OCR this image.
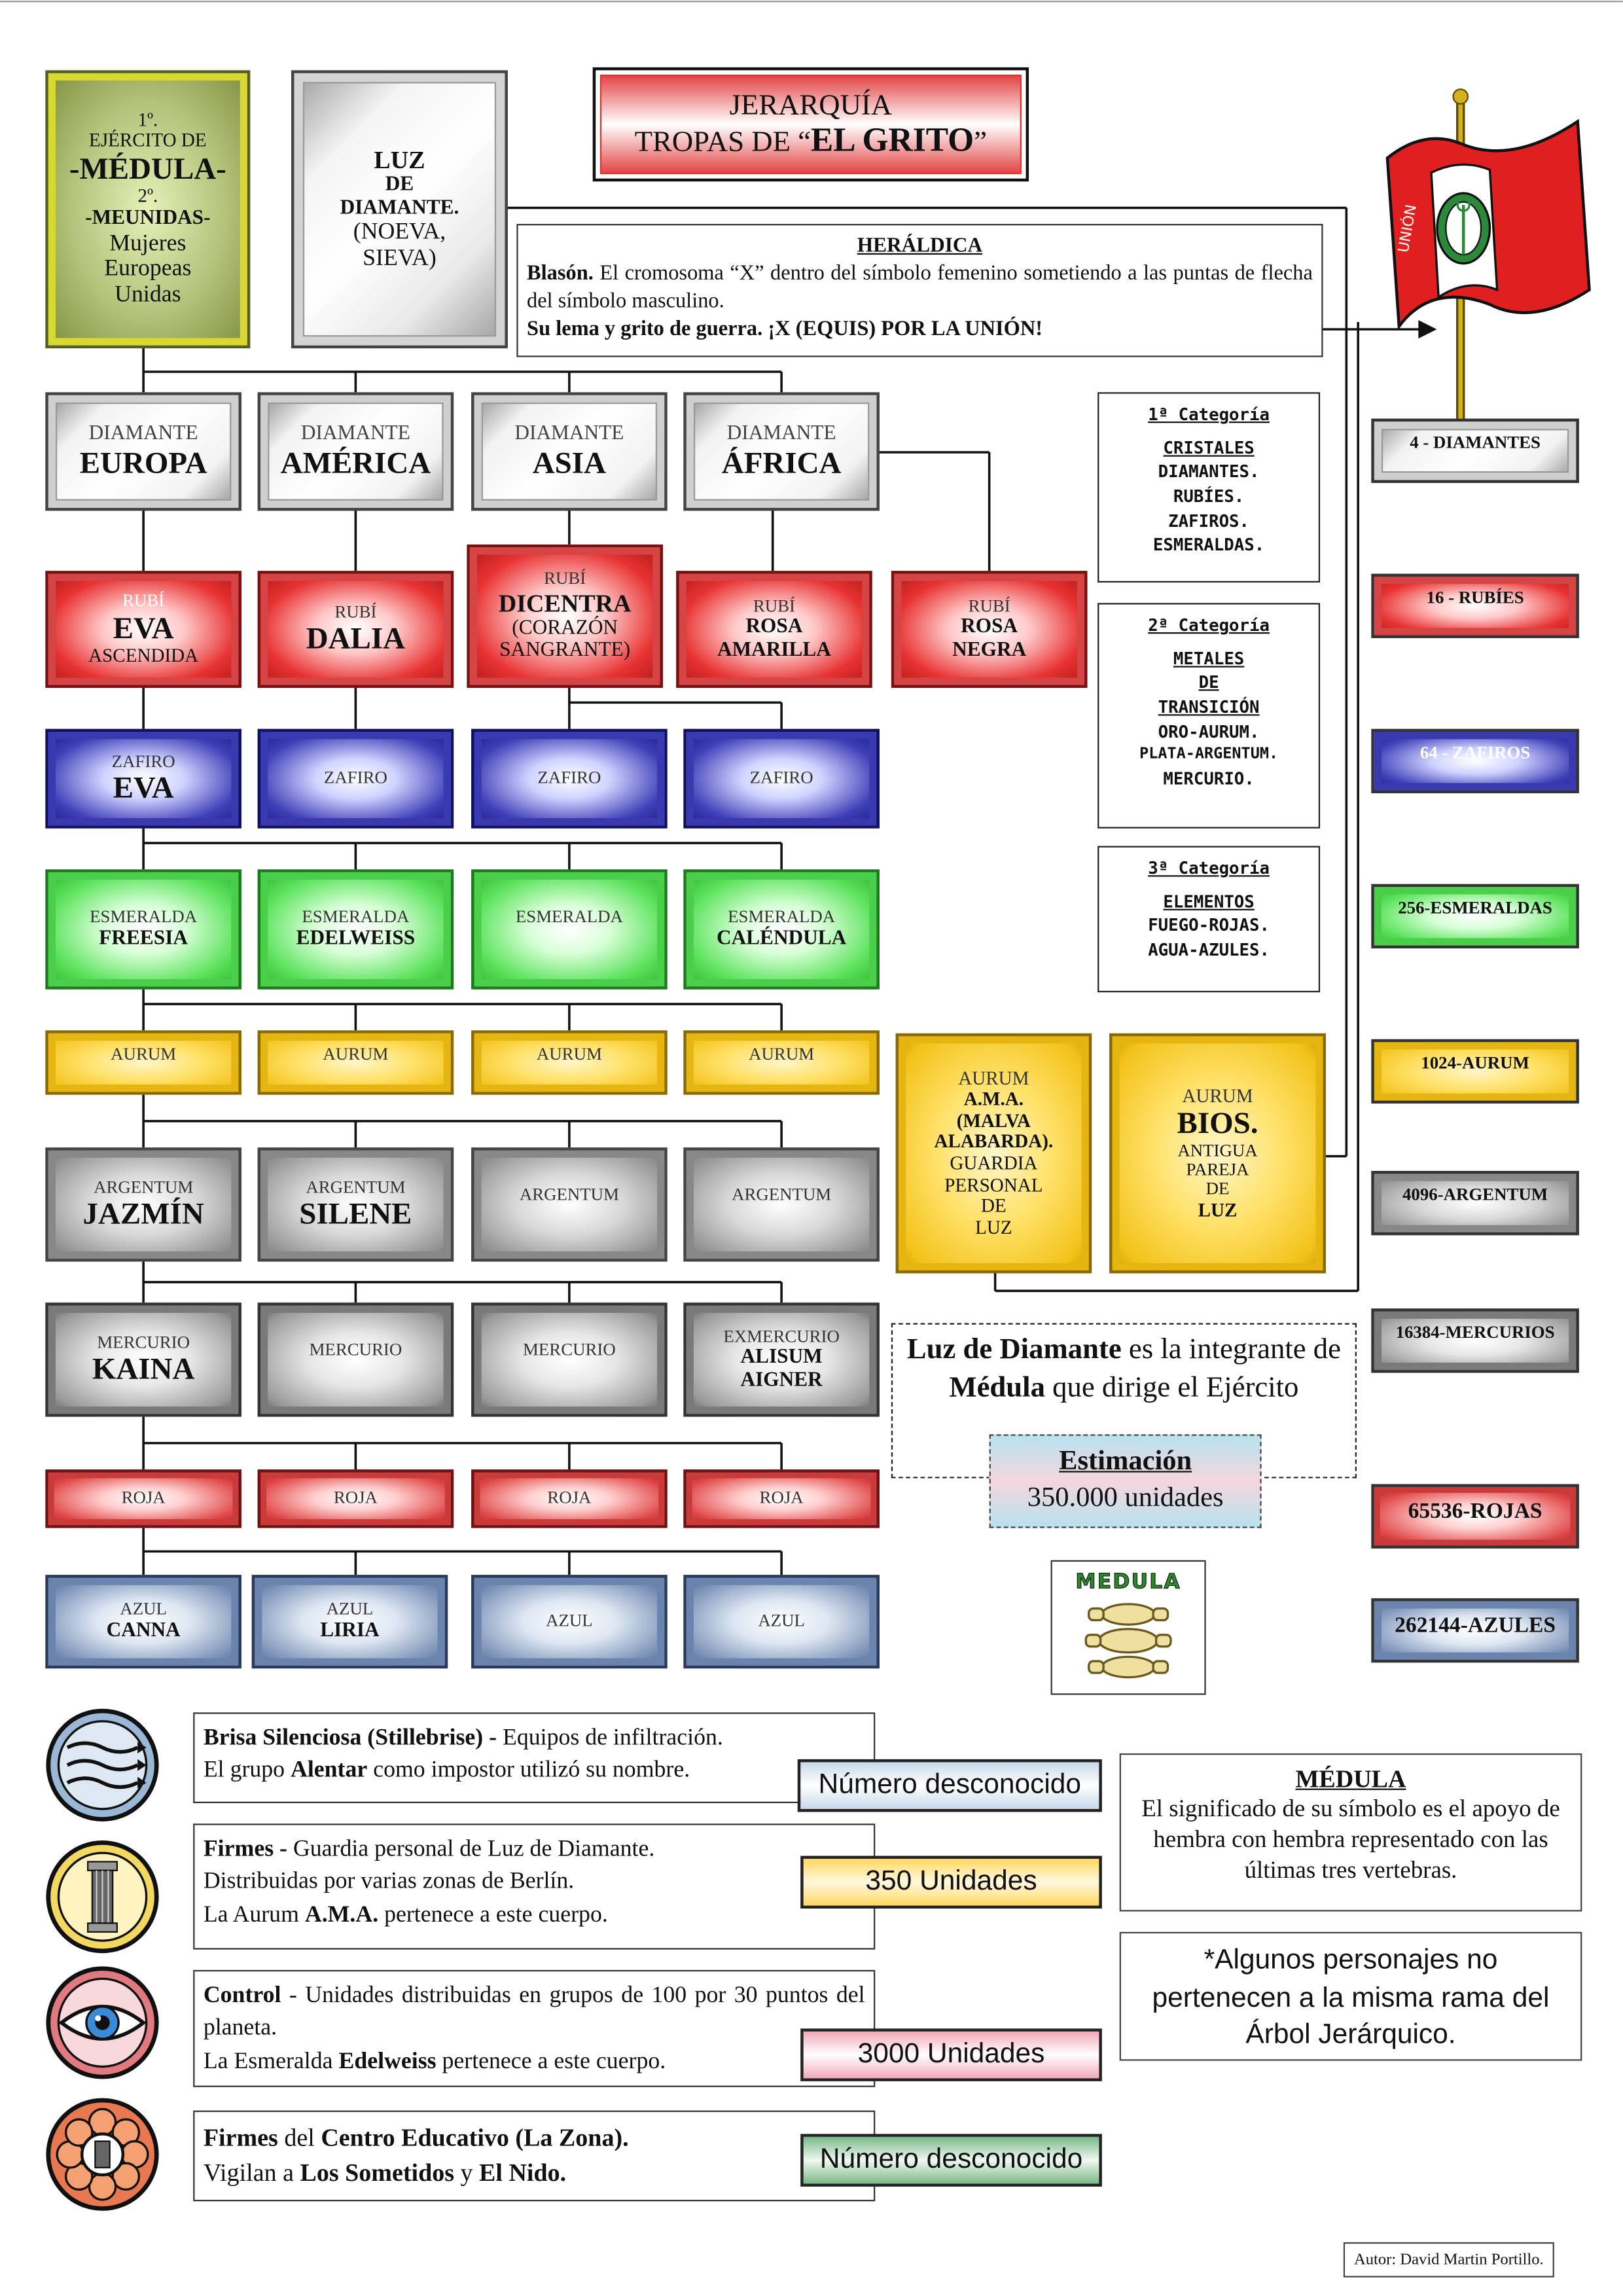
JERARQUÍA
TROPAS DE “EL GRITO”
1º.
EJÉRCITO DE
-MÉDULA-
2º.
-MEUNIDAS-
Mujeres
Europeas
Unidas
LUZ
DE
DIAMANTE.
(NOEVA,
SIEVA)	HERÁLDICA
Blasón. El cromosoma “X” dentro del símbolo femenino sometiendo a las puntas de flecha del símbolo masculino.
Su lema y grito de guerra. ¡X (EQUIS) POR LA UNIÓN!
UNIÓN
DIAMANTE
EUROPA
DIAMANTE
AMÉRICA
DIAMANTE
ASIA
DIAMANTE
ÁFRICA
RUBÍ
EVA
ASCENDIDA
RUBÍ
DALIA
RUBÍ
DICENTRA
(CORAZÓN
SANGRANTE)
RUBÍ
ROSA
AMARILLA
RUBÍ
ROSA
NEGRA
ZAFIRO
EVA	ZAFIRO	ZAFIRO	ZAFIRO
ESMERALDA
FREESIA
ESMERALDA
EDELWEISS
ESMERALDA	ESMERALDA
CALÉNDULA
AURUM	AURUM	AURUM	AURUM
AURUM
A.M.A.
(MALVA
ALABARDA).
GUARDIA
PERSONAL
DE
LUZ
AURUM
BIOS.
ANTIGUA
PAREJA
DE
LUZ
ARGENTUM
JAZMÍN
ARGENTUM
SILENE
ARGENTUM	ARGENTUM
MERCURIO
KAINA
MERCURIO	MERCURIO
EXMERCURIO
ALISUM
AIGNER
ROJA	ROJA	ROJA	ROJA
AZUL
CANNA
AZUL
LIRIA	AZUL	AZUL
1ª Categoría
CRISTALES
DIAMANTES.
RUBÍES.
ZAFIROS.
ESMERALDAS.
2ª Categoría
METALES
DE
TRANSICIÓN
ORO-AURUM.
PLATA-ARGENTUM.
MERCURIO.
3ª Categoría
ELEMENTOS
FUEGO-ROJAS.
AGUA-AZULES.
4 - DIAMANTES
16 - RUBÍES
64 - ZAFIROS
256-ESMERALDAS
1024-AURUM
4096-ARGENTUM
16384-MERCURIOS
65536-ROJAS
262144-AZULES
Luz de Diamante es la integrante de Médula que dirige el Ejército
Estimación
350.000 unidades
MEDULA
Brisa Silenciosa (Stillebrise) - Equipos de infiltración.
El grupo Alentar como impostor utilizó su nombre.	Número desconocido
Firmes - Guardia personal de Luz de Diamante.
Distribuidas por varias zonas de Berlín.
La Aurum A.M.A. pertenece a este cuerpo.
350 Unidades
Control - Unidades distribuidas en grupos de 100 por 30 puntos del planeta.
La Esmeralda Edelweiss pertenece a este cuerpo.	3000 Unidades
Firmes del Centro Educativo (La Zona).
Vigilan a Los Sometidos y El Nido.	Número desconocido
MÉDULA
El significado de su símbolo es el apoyo de hembra con hembra representado con las últimas tres vertebras.
*Algunos personajes no pertenecen a la misma rama del Árbol Jerárquico.
Autor: David Martin Portillo.
